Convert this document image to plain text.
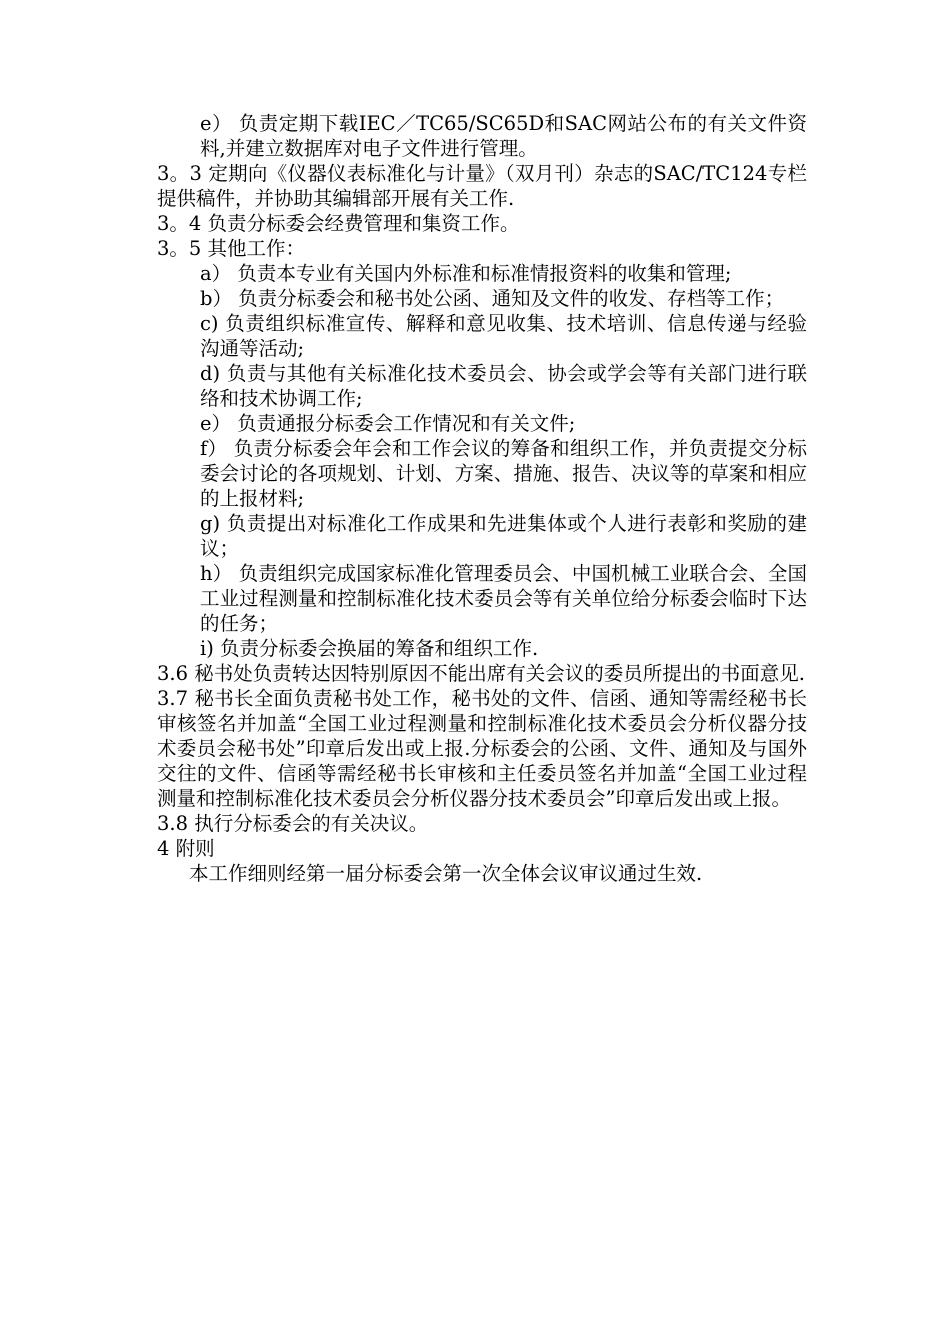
e） 负责定期下载IEC／TC65/SC65D和SAC网站公布的有关文件资料,并建立数据库对电子文件进行管理。

3。3 定期向《仪器仪表标准化与计量》（双月刊）杂志的SAC/TC124专栏提供稿件，并协助其编辑部开展有关工作.

3。4 负责分标委会经费管理和集资工作。

3。5 其他工作：

a） 负责本专业有关国内外标准和标准情报资料的收集和管理;

b） 负责分标委会和秘书处公函、通知及文件的收发、存档等工作；

c) 负责组织标准宣传、解释和意见收集、技术培训、信息传递与经验沟通等活动;

d) 负责与其他有关标准化技术委员会、协会或学会等有关部门进行联络和技术协调工作;

e） 负责通报分标委会工作情况和有关文件;

f） 负责分标委会年会和工作会议的筹备和组织工作，并负责提交分标委会讨论的各项规划、计划、方案、措施、报告、决议等的草案和相应的上报材料;

g) 负责提出对标准化工作成果和先进集体或个人进行表彰和奖励的建议；

h） 负责组织完成国家标准化管理委员会、中国机械工业联合会、全国工业过程测量和控制标准化技术委员会等有关单位给分标委会临时下达的任务；

i) 负责分标委会换届的筹备和组织工作.

3.6 秘书处负责转达因特别原因不能出席有关会议的委员所提出的书面意见.

3.7 秘书长全面负责秘书处工作，秘书处的文件、信函、通知等需经秘书长审核签名并加盖“全国工业过程测量和控制标准化技术委员会分析仪器分技术委员会秘书处”印章后发出或上报.分标委会的公函、文件、通知及与国外交往的文件、信函等需经秘书长审核和主任委员签名并加盖“全国工业过程测量和控制标准化技术委员会分析仪器分技术委员会”印章后发出或上报。

3.8 执行分标委会的有关决议。

4 附则

本工作细则经第一届分标委会第一次全体会议审议通过生效.
